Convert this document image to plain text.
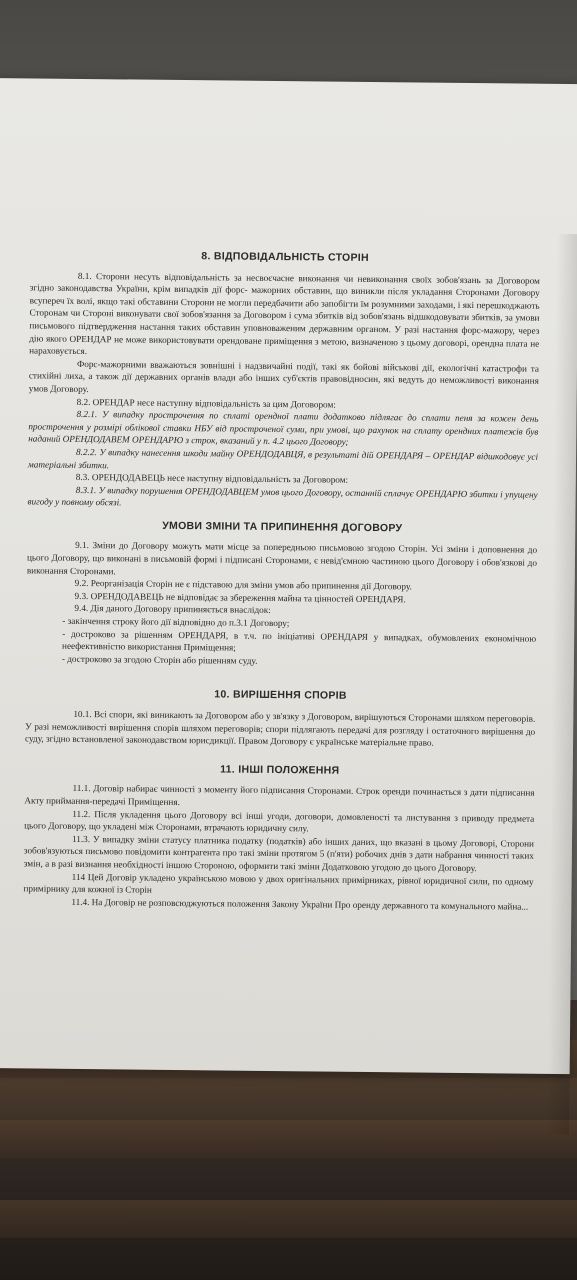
8. ВІДПОВІДАЛЬНІСТЬ СТОРІН

8.1. Сторони несуть відповідальність за несвоєчасне виконання чи невиконання своїх зобов'язань за Договором згідно законодавства України, крім випадків дії форс- мажорних обставин, що виникли після укладання Сторонами Договору всупереч їх волі, якщо такі обставини Сторони не могли передбачити або запобігти їм розумними заходами, і які перешкоджають Сторонам чи Стороні виконувати свої зобов'язання за Договором і сума збитків від зобов'язань відшкодовувати збитків, за умови письмового підтвердження настання таких обставин уповноваженим державним органом. У разі настання форс-мажору, через дію якого ОРЕНДАР не може використовувати орендоване приміщення з метою, визначеною з цьому договорі, орендна плата не нараховується.

Форс-мажорними вважаються зовнішні і надзвичайні події, такі як бойові військові дії, екологічні катастрофи та стихійні лиха, а також дії державних органів влади або інших суб'єктів правовідносин, які ведуть до неможливості виконання умов Договору.

8.2. ОРЕНДАР несе наступну відповідальність за цим Договором:

8.2.1. У випадку прострочення по сплаті орендної плати додатково підлягає до сплати пеня за кожен день прострочення у розмірі облікової ставки НБУ від простроченої суми, при умові, що рахунок на сплату орендних платежів був наданий ОРЕНДОДАВЕМ ОРЕНДАРЮ з строк, вказаний у п. 4.2 цього Договору;

8.2.2. У випадку нанесення шкоди майну ОРЕНДОДАВЦЯ, в результаті дій ОРЕНДАРЯ – ОРЕНДАР відшкодовує усі матеріальні збитки.

8.3. ОРЕНДОДАВЕЦЬ несе наступну відповідальність за Договором:

8.3.1. У випадку порушення ОРЕНДОДАВЦЕМ умов цього Договору, останній сплачує ОРЕНДАРЮ збитки і упущену вигоду у повному обсязі.

УМОВИ ЗМІНИ ТА ПРИПИНЕННЯ ДОГОВОРУ

9.1. Зміни до Договору можуть мати місце за попередньою письмовою згодою Сторін. Усі зміни і доповнення до цього Договору, що виконані в письмовій формі і підписані Сторонами, є невід'ємною частиною цього Договору і обов'язкові до виконання Сторонами.

9.2. Реорганізація Сторін не є підставою для зміни умов або припинення дії Договору.

9.3. ОРЕНДОДАВЕЦЬ не відповідає за збереження майна та цінностей ОРЕНДАРЯ.

9.4. Дія даного Договору припиняється внаслідок:

- закінчення строку його дії відповідно до п.3.1 Договору;

- достроково за рішенням ОРЕНДАРЯ, в т.ч. по ініціативі ОРЕНДАРЯ у випадках, обумовлених економічною неефективністю використання Приміщення;

- достроково за згодою Сторін або рішенням суду.

10. ВИРІШЕННЯ СПОРІВ

10.1. Всі спори, які виникають за Договором або у зв'язку з Договором, вирішуються Сторонами шляхом переговорів. У разі неможливості вирішення спорів шляхом переговорів; спори підлягають передачі для розгляду і остаточного вирішення до суду, згідно встановленої законодавством юрисдикції. Правом Договору є українське матеріальне право.

11. ІНШІ ПОЛОЖЕННЯ

11.1. Договір набирає чинності з моменту його підписання Сторонами. Строк оренди починається з дати підписання Акту приймання-передачі Приміщення.

11.2. Після укладення цього Договору всі інші угоди, договори, домовленості та листування з приводу предмета цього Договору, що укладені між Сторонами, втрачають юридичну силу.

11.3. У випадку зміни статусу платника податку (податків) або інших даних, що вказані в цьому Договорі, Сторони зобов'язуються письмово повідомити контрагента про такі зміни протягом 5 (п'яти) робочих днів з дати набрання чинності таких змін, а в разі визнання необхідності іншою Стороною, оформити такі зміни Додатковою угодою до цього Договору.

114 Цей Договір укладено українською мовою у двох оригінальних примірниках, рівної юридичної сили, по одному примірнику для кожної із Сторін

11.4. На Договір не розповсюджуються положення Закону України Про оренду державного та комунального майна...
